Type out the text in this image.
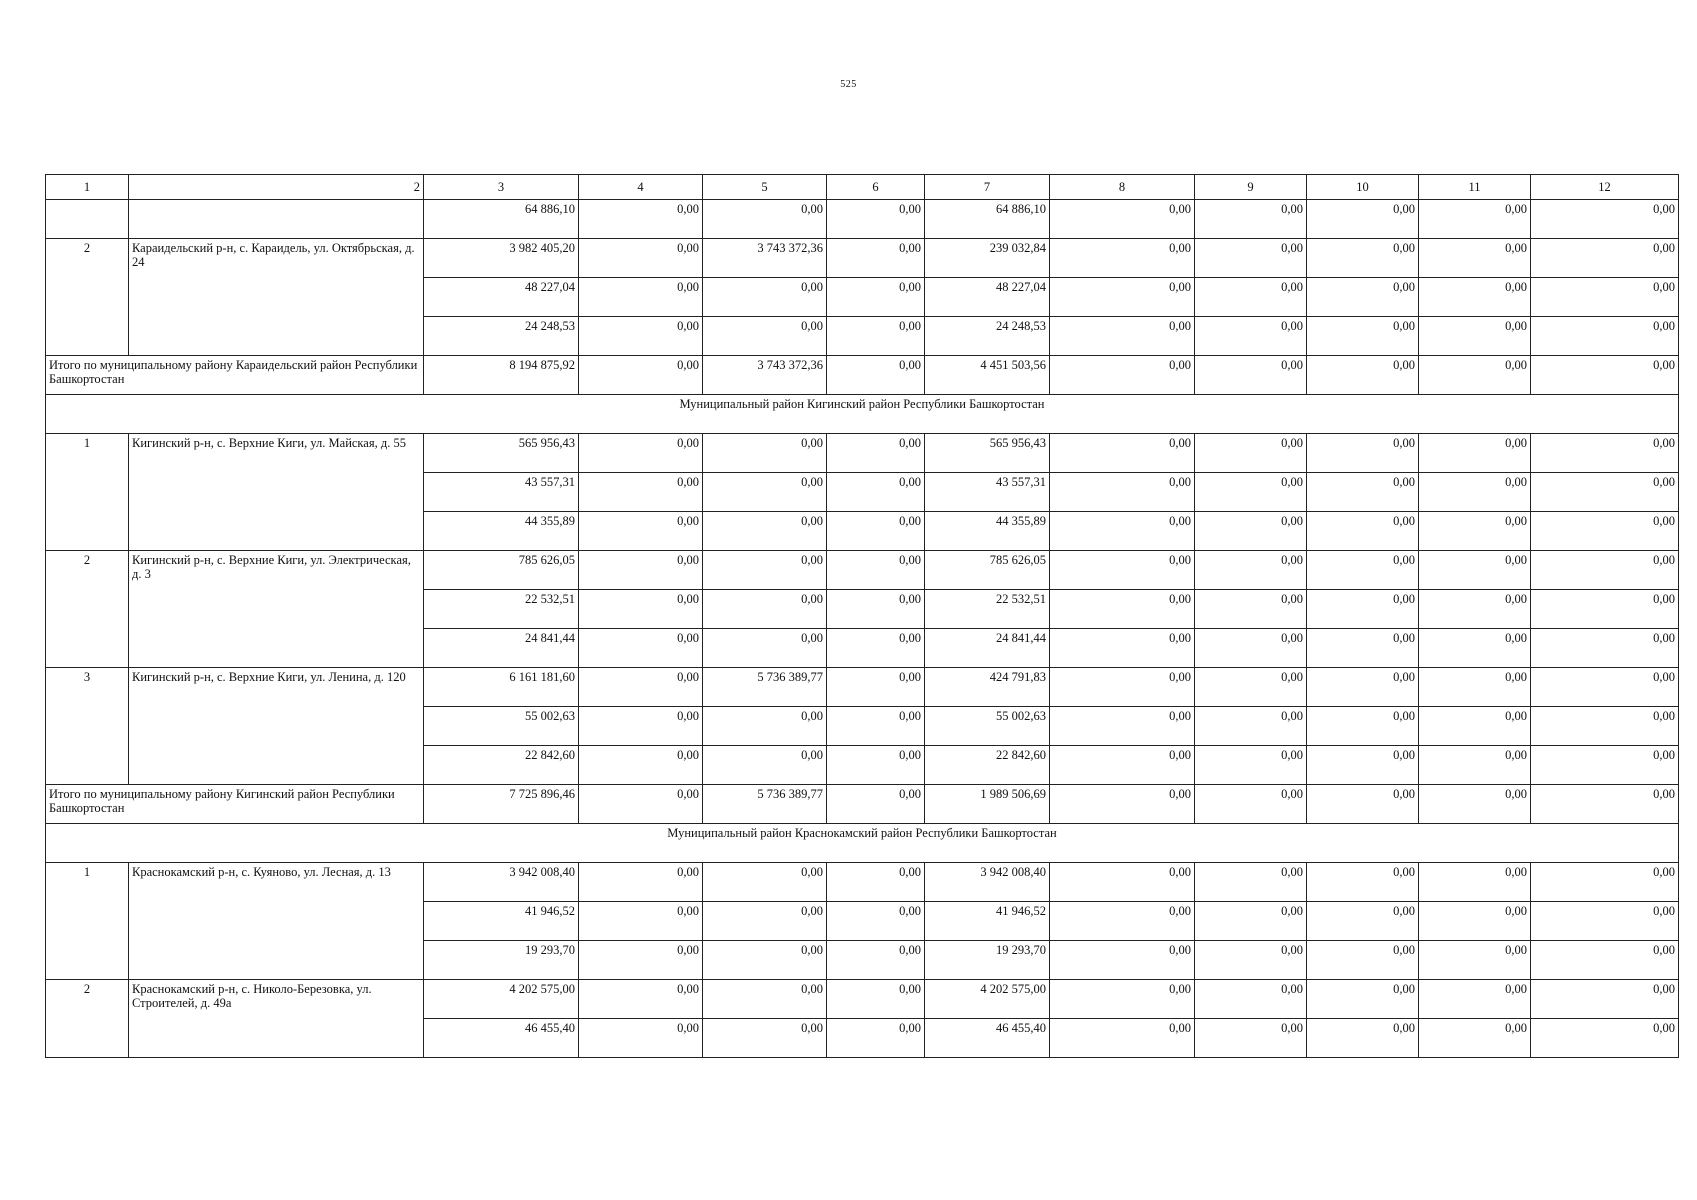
525
1	2	3	4	5	6	7	8	9	10	11	12
		64 886,10	0,00	0,00	0,00	64 886,10	0,00	0,00	0,00	0,00	0,00
2	Караидельский р-н, с. Караидель, ул. Октябрьская, д. 24	3 982 405,20	0,00	3 743 372,36	0,00	239 032,84	0,00	0,00	0,00	0,00	0,00
		48 227,04	0,00	0,00	0,00	48 227,04	0,00	0,00	0,00	0,00	0,00
		24 248,53	0,00	0,00	0,00	24 248,53	0,00	0,00	0,00	0,00	0,00
Итого по муниципальному району Караидельский район Республики Башкортостан		8 194 875,92	0,00	3 743 372,36	0,00	4 451 503,56	0,00	0,00	0,00	0,00	0,00
Муниципальный район Кигинский район Республики Башкортостан											
1	Кигинский р-н, с. Верхние Киги, ул. Майская, д. 55	565 956,43	0,00	0,00	0,00	565 956,43	0,00	0,00	0,00	0,00	0,00
		43 557,31	0,00	0,00	0,00	43 557,31	0,00	0,00	0,00	0,00	0,00
		44 355,89	0,00	0,00	0,00	44 355,89	0,00	0,00	0,00	0,00	0,00
2	Кигинский р-н, с. Верхние Киги, ул. Электрическая, д. 3	785 626,05	0,00	0,00	0,00	785 626,05	0,00	0,00	0,00	0,00	0,00
		22 532,51	0,00	0,00	0,00	22 532,51	0,00	0,00	0,00	0,00	0,00
		24 841,44	0,00	0,00	0,00	24 841,44	0,00	0,00	0,00	0,00	0,00
3	Кигинский р-н, с. Верхние Киги, ул. Ленина, д. 120	6 161 181,60	0,00	5 736 389,77	0,00	424 791,83	0,00	0,00	0,00	0,00	0,00
		55 002,63	0,00	0,00	0,00	55 002,63	0,00	0,00	0,00	0,00	0,00
		22 842,60	0,00	0,00	0,00	22 842,60	0,00	0,00	0,00	0,00	0,00
Итого по муниципальному району Кигинский район Республики Башкортостан		7 725 896,46	0,00	5 736 389,77	0,00	1 989 506,69	0,00	0,00	0,00	0,00	0,00
Муниципальный район Краснокамский район Республики Башкортостан											
1	Краснокамский р-н, с. Куяново, ул. Лесная, д. 13	3 942 008,40	0,00	0,00	0,00	3 942 008,40	0,00	0,00	0,00	0,00	0,00
		41 946,52	0,00	0,00	0,00	41 946,52	0,00	0,00	0,00	0,00	0,00
		19 293,70	0,00	0,00	0,00	19 293,70	0,00	0,00	0,00	0,00	0,00
2	Краснокамский р-н, с. Николо-Березовка, ул. Строителей, д. 49а	4 202 575,00	0,00	0,00	0,00	4 202 575,00	0,00	0,00	0,00	0,00	0,00
		46 455,40	0,00	0,00	0,00	46 455,40	0,00	0,00	0,00	0,00	0,00
